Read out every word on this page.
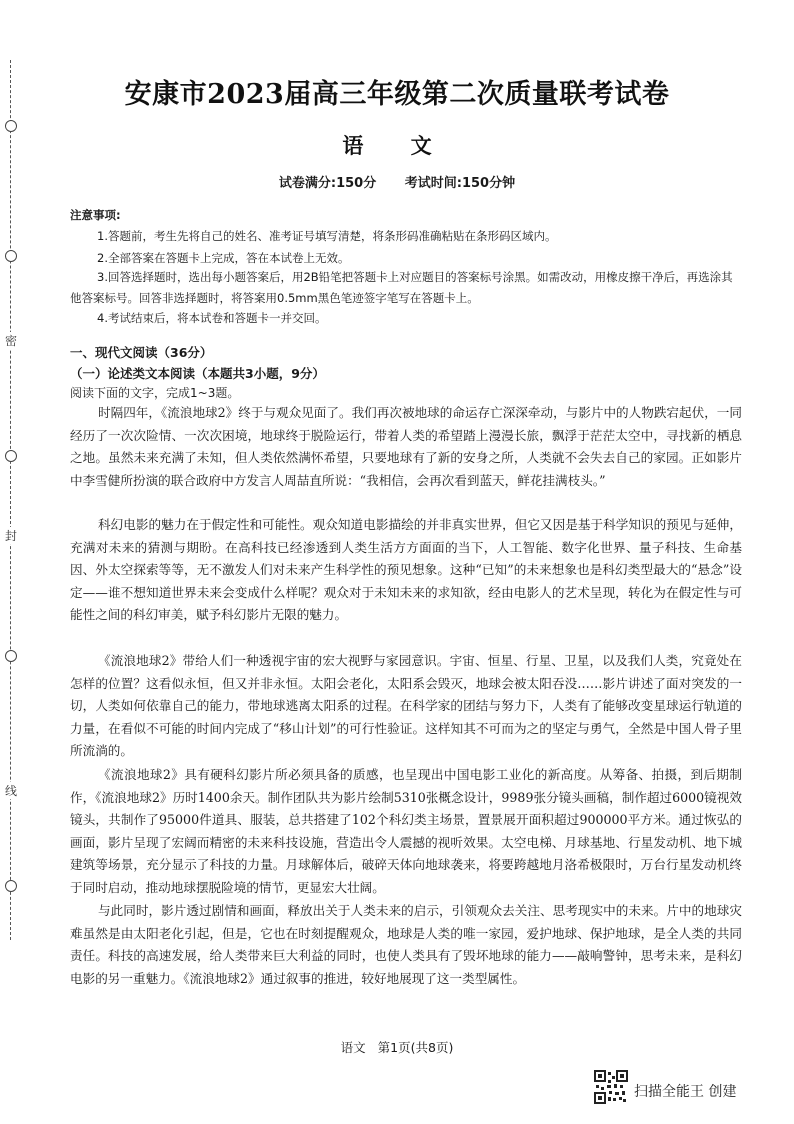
密
封
线
安康市2023届高三年级第二次质量联考试卷
语 文
试卷满分:150分 考试时间:150分钟
注意事项:
1.答题前，考生先将自己的姓名、准考证号填写清楚，将条形码准确粘贴在条形码区域内。
2.全部答案在答题卡上完成，答在本试卷上无效。
3.回答选择题时，选出每小题答案后，用2B铅笔把答题卡上对应题目的答案标号涂黑。如需改动，用橡皮擦干净后，再选涂其他答案标号。回答非选择题时，将答案用0.5mm黑色笔迹签字笔写在答题卡上。
4.考试结束后，将本试卷和答题卡一并交回。
一、现代文阅读（36分）
（一）论述类文本阅读（本题共3小题，9分）
阅读下面的文字，完成1~3题。
时隔四年，《流浪地球2》终于与观众见面了。我们再次被地球的命运存亡深深牵动，与影片中的人物跌宕起伏，一同经历了一次次险情、一次次困境，地球终于脱险运行，带着人类的希望踏上漫漫长旅，飘浮于茫茫太空中，寻找新的栖息之地。虽然未来充满了未知，但人类依然满怀希望，只要地球有了新的安身之所，人类就不会失去自己的家园。正如影片中李雪健所扮演的联合政府中方发言人周喆直所说：“我相信，会再次看到蓝天，鲜花挂满枝头。”
科幻电影的魅力在于假定性和可能性。观众知道电影描绘的并非真实世界，但它又因是基于科学知识的预见与延伸，充满对未来的猜测与期盼。在高科技已经渗透到人类生活方方面面的当下，人工智能、数字化世界、量子科技、生命基因、外太空探索等等，无不激发人们对未来产生科学性的预见想象。这种“已知”的未来想象也是科幻类型最大的“悬念”设定——谁不想知道世界未来会变成什么样呢？观众对于未知未来的求知欲，经由电影人的艺术呈现，转化为在假定性与可能性之间的科幻审美，赋予科幻影片无限的魅力。
《流浪地球2》带给人们一种透视宇宙的宏大视野与家园意识。宇宙、恒星、行星、卫星，以及我们人类，究竟处在怎样的位置？这看似永恒，但又并非永恒。太阳会老化，太阳系会毁灭，地球会被太阳吞没……影片讲述了面对突发的一切，人类如何依靠自己的能力，带地球逃离太阳系的过程。在科学家的团结与努力下，人类有了能够改变星球运行轨道的力量，在看似不可能的时间内完成了“移山计划”的可行性验证。这样知其不可而为之的坚定与勇气，全然是中国人骨子里所流淌的。
《流浪地球2》具有硬科幻影片所必须具备的质感，也呈现出中国电影工业化的新高度。从筹备、拍摄，到后期制作，《流浪地球2》历时1400余天。制作团队共为影片绘制5310张概念设计，9989张分镜头画稿，制作超过6000镜视效镜头，共制作了95000件道具、服装，总共搭建了102个科幻类主场景，置景展开面积超过900000平方米。通过恢弘的画面，影片呈现了宏阔而精密的未来科技设施，营造出令人震撼的视听效果。太空电梯、月球基地、行星发动机、地下城建筑等场景，充分显示了科技的力量。月球解体后，破碎天体向地球袭来，将要跨越地月洛希极限时，万台行星发动机终于同时启动，推动地球摆脱险境的情节，更显宏大壮阔。
与此同时，影片透过剧情和画面，释放出关于人类未来的启示，引领观众去关注、思考现实中的未来。片中的地球灾难虽然是由太阳老化引起，但是，它也在时刻提醒观众，地球是人类的唯一家园，爱护地球、保护地球，是全人类的共同责任。科技的高速发展，给人类带来巨大利益的同时，也使人类具有了毁坏地球的能力——敲响警钟，思考未来，是科幻电影的另一重魅力。《流浪地球2》通过叙事的推进，较好地展现了这一类型属性。
语文 第1页(共8页)
扫描全能王 创建
